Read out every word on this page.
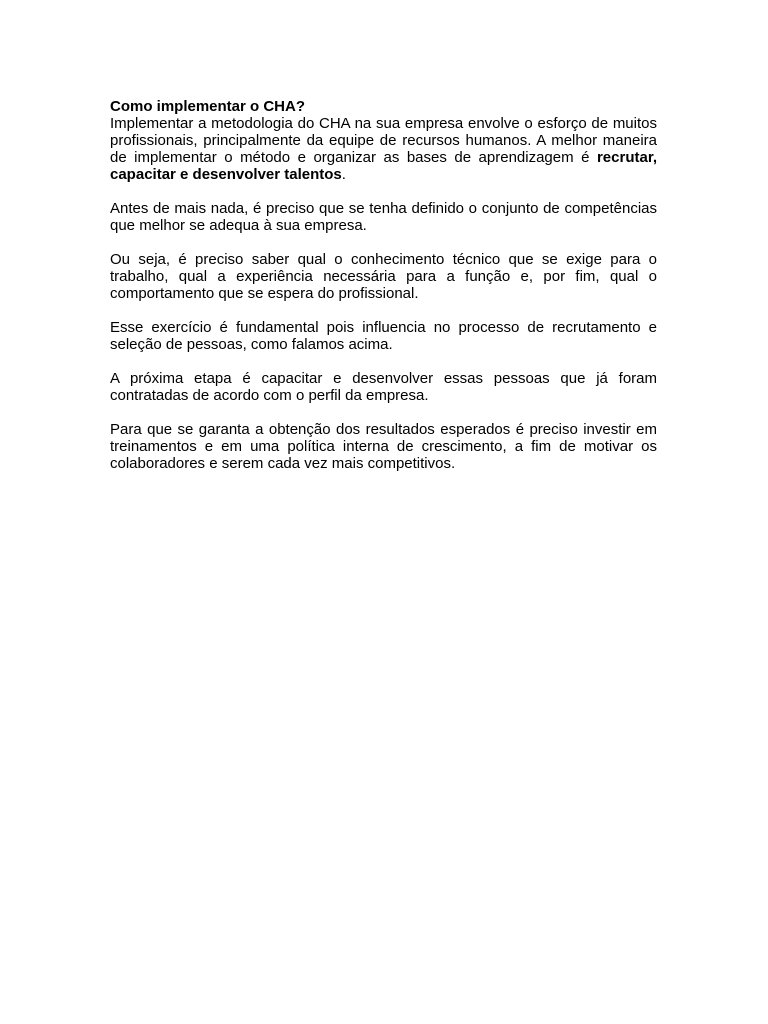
Como implementar o CHA?

Implementar a metodologia do CHA na sua empresa envolve o esforço de muitos profissionais, principalmente da equipe de recursos humanos. A melhor maneira de implementar o método e organizar as bases de aprendizagem é recrutar, capacitar e desenvolver talentos.

Antes de mais nada, é preciso que se tenha definido o conjunto de competências que melhor se adequa à sua empresa.

Ou seja, é preciso saber qual o conhecimento técnico que se exige para o trabalho, qual a experiência necessária para a função e, por fim, qual o comportamento que se espera do profissional.

Esse exercício é fundamental pois influencia no processo de recrutamento e seleção de pessoas, como falamos acima.

A próxima etapa é capacitar e desenvolver essas pessoas que já foram contratadas de acordo com o perfil da empresa.

Para que se garanta a obtenção dos resultados esperados é preciso investir em treinamentos e em uma política interna de crescimento, a fim de motivar os colaboradores e serem cada vez mais competitivos.
